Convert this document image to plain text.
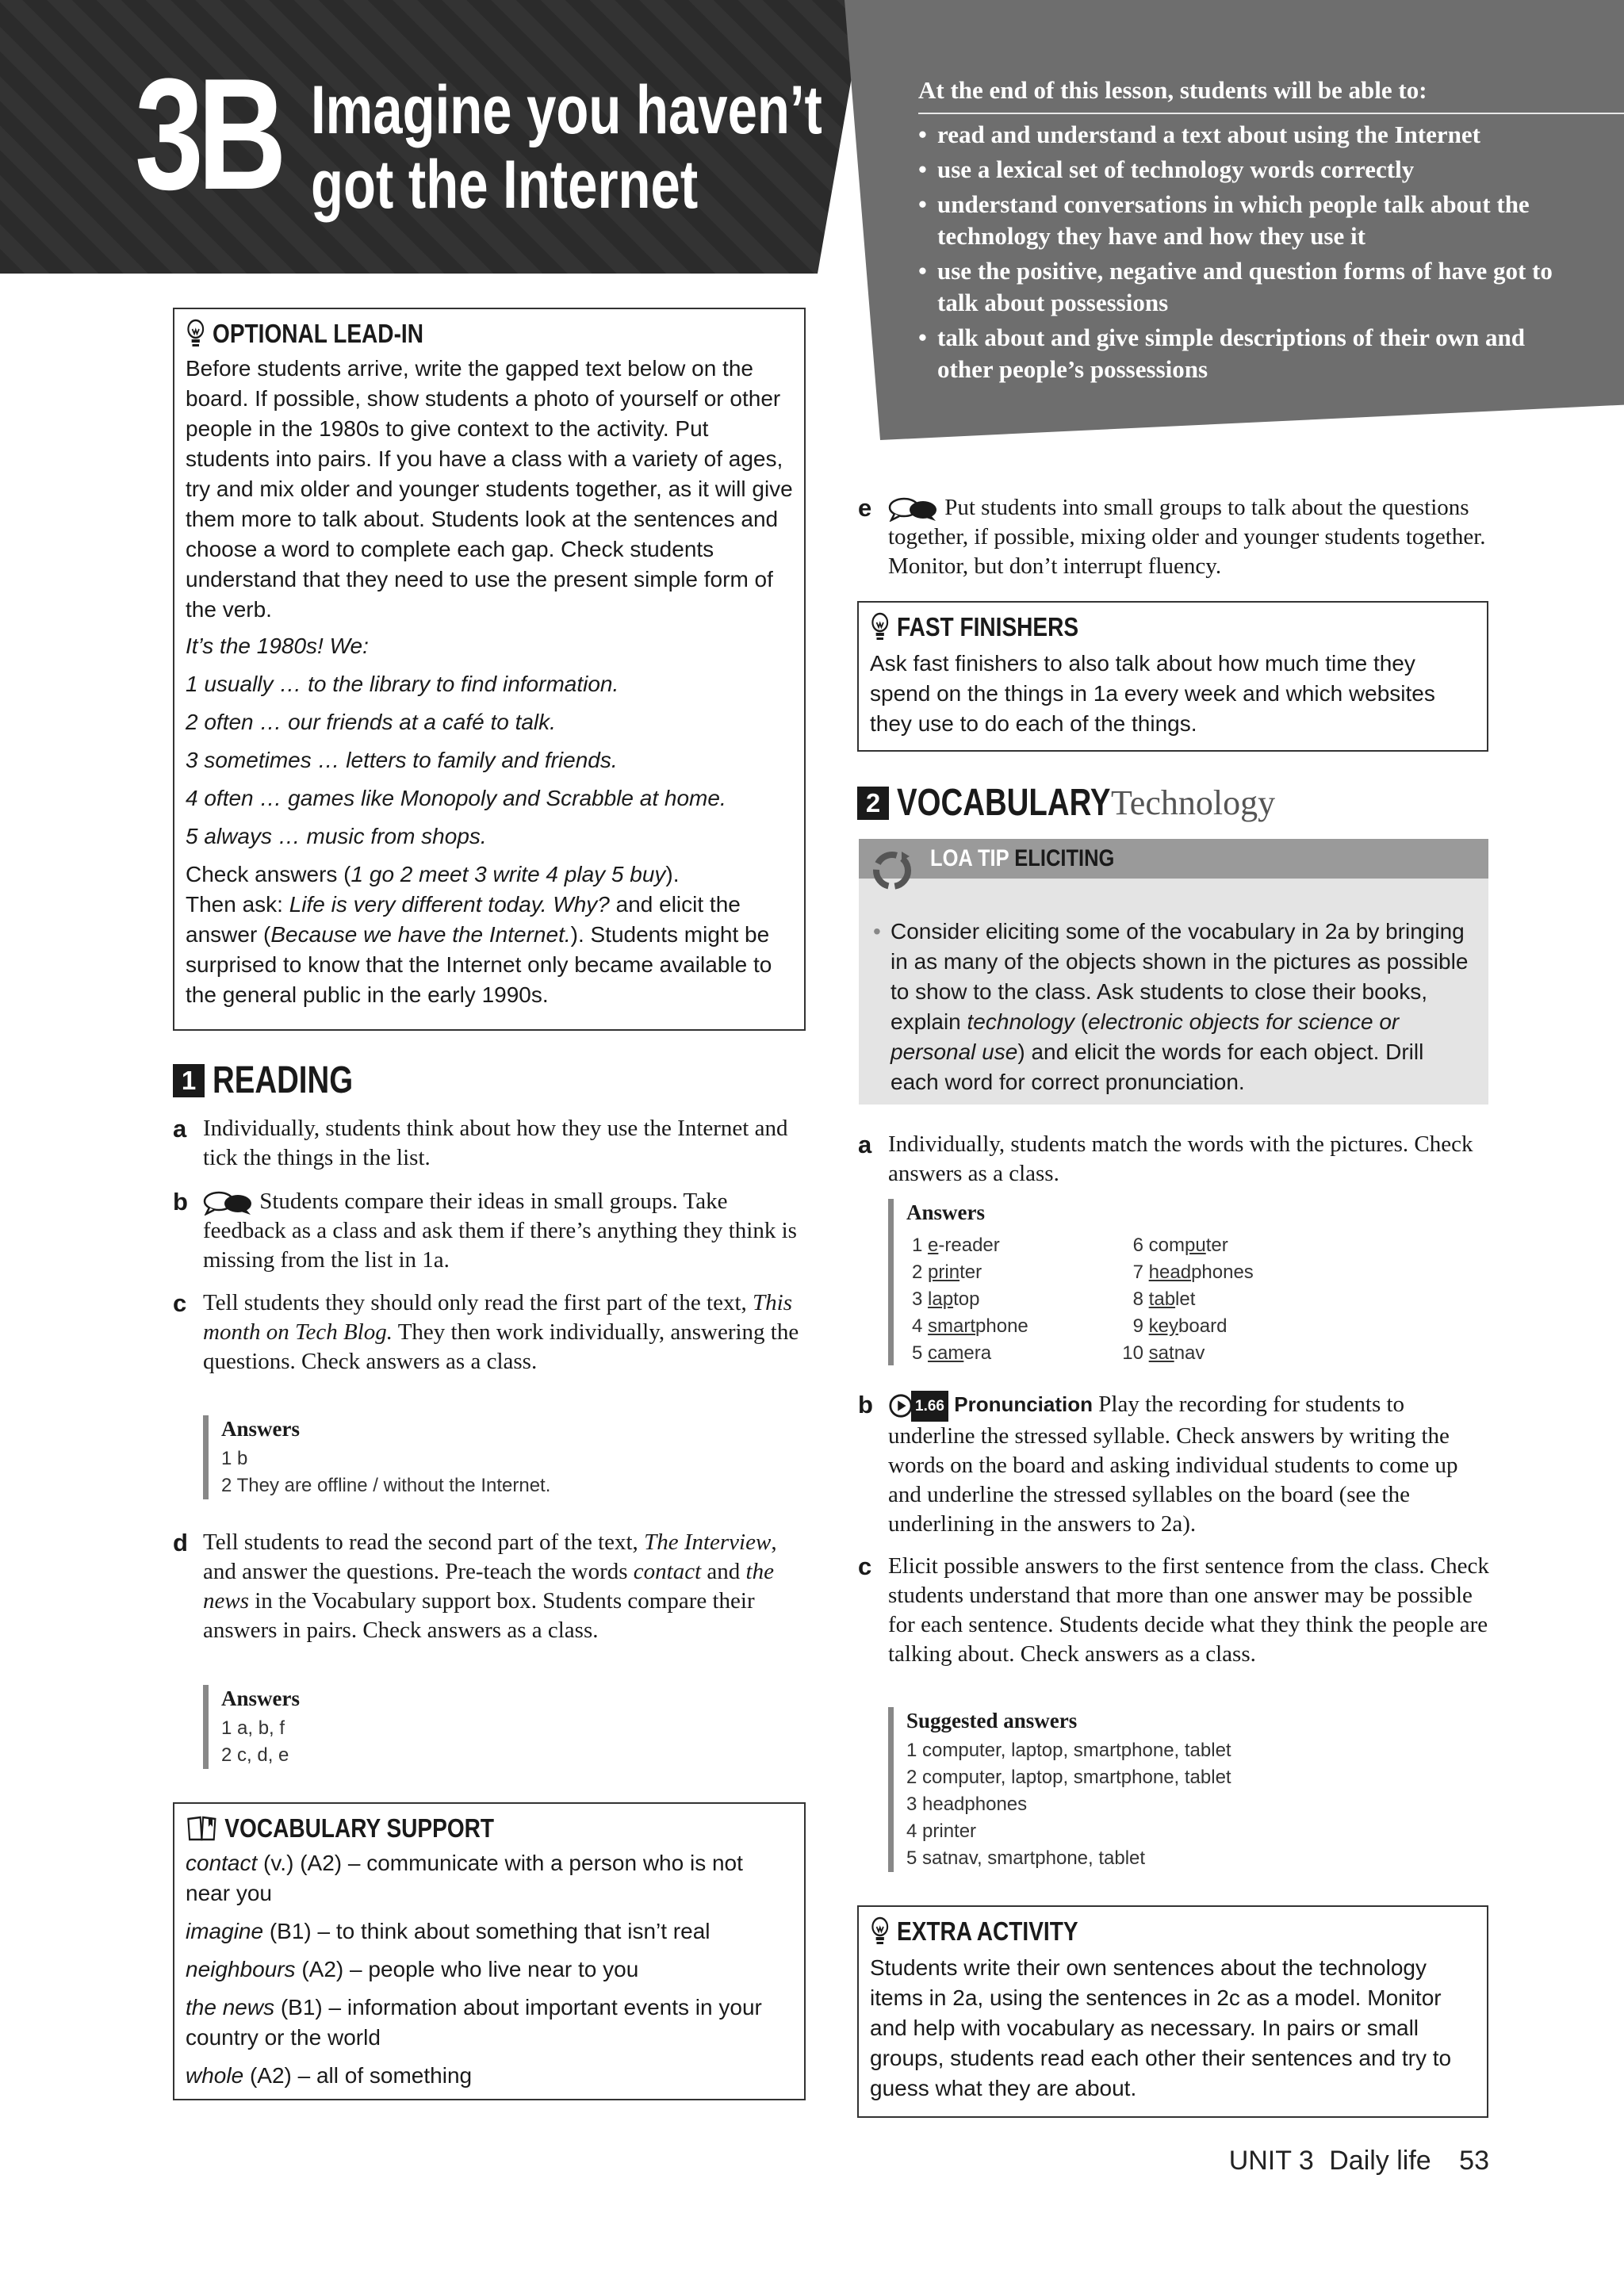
3B Imagine you haven’t
got the Internet
At the end of this lesson, students will be able to:
• read and understand a text about using the Internet
• use a lexical set of technology words correctly
• understand conversations in which people talk about the technology they have and how they use it
• use the positive, negative and question forms of have got to talk about possessions
• talk about and give simple descriptions of their own and other people’s possessions
OPTIONAL LEAD-IN

Before students arrive, write the gapped text below on the board. If possible, show students a photo of yourself or other people in the 1980s to give context to the activity. Put students into pairs. If you have a class with a variety of ages, try and mix older and younger students together, as it will give them more to talk about. Students look at the sentences and choose a word to complete each gap. Check students understand that they need to use the present simple form of the verb.

It’s the 1980s! We:

1 usually … to the library to find information.

2 often … our friends at a café to talk.

3 sometimes … letters to family and friends.

4 often … games like Monopoly and Scrabble at home.

5 always … music from shops.

Check answers (1 go 2 meet 3 write 4 play 5 buy).

Then ask: Life is very different today. Why? and elicit the answer (Because we have the Internet.). Students might be surprised to know that the Internet only became available to the general public in the early 1990s.

1 READING
a Individually, students think about how they use the Internet and tick the things in the list.
b	Students compare their ideas in small groups. Take feedback as a class and ask them if there’s anything they think is missing from the list in 1a.
c Tell students they should only read the first part of the text, This month on Tech Blog. They then work individually, answering the questions. Check answers as a class.
Answers
1 b
2 They are offline / without the Internet.
d Tell students to read the second part of the text, The Interview, and answer the questions. Pre-teach the words contact and the news in the Vocabulary support box. Students compare their answers in pairs. Check answers as a class.
Answers
1 a, b, f
2 c, d, e
VOCABULARY SUPPORT

contact (v.) (A2) – communicate with a person who is not near you

imagine (B1) – to think about something that isn’t real

neighbours (A2) – people who live near to you

the news (B1) – information about important events in your country or the world

whole (A2) – all of something

e	Put students into small groups to talk about the questions together, if possible, mixing older and younger students together. Monitor, but don’t interrupt fluency.
FAST FINISHERS
Ask fast finishers to also talk about how much time they spend on the things in 1a every week and which websites they use to do each of the things.
2 VOCABULARY Technology
LOA TIP ELICITING
• Consider eliciting some of the vocabulary in 2a by bringing in as many of the objects shown in the pictures as possible to show to the class. Ask students to close their books, explain technology (electronic objects for science or personal use) and elicit the words for each object. Drill each word for correct pronunciation.
a Individually, students match the words with the pictures. Check answers as a class.
Answers
1 e-reader
2 printer
3 laptop
4 smartphone
5 camera
6 computer
7 headphones
8 tablet
9 keyboard
10 satnav
b	1.66 Pronunciation Play the recording for students to underline the stressed syllable. Check answers by writing the words on the board and asking individual students to come up and underline the stressed syllables on the board (see the underlining in the answers to 2a).
c Elicit possible answers to the first sentence from the class. Check students understand that more than one answer may be possible for each sentence. Students decide what they think the people are talking about. Check answers as a class.
Suggested answers
1 computer, laptop, smartphone, tablet
2 computer, laptop, smartphone, tablet
3 headphones
4 printer
5 satnav, smartphone, tablet
EXTRA ACTIVITY
Students write their own sentences about the technology items in 2a, using the sentences in 2c as a model. Monitor and help with vocabulary as necessary. In pairs or small groups, students read each other their sentences and try to guess what they are about.
UNIT 3 Daily life 53
